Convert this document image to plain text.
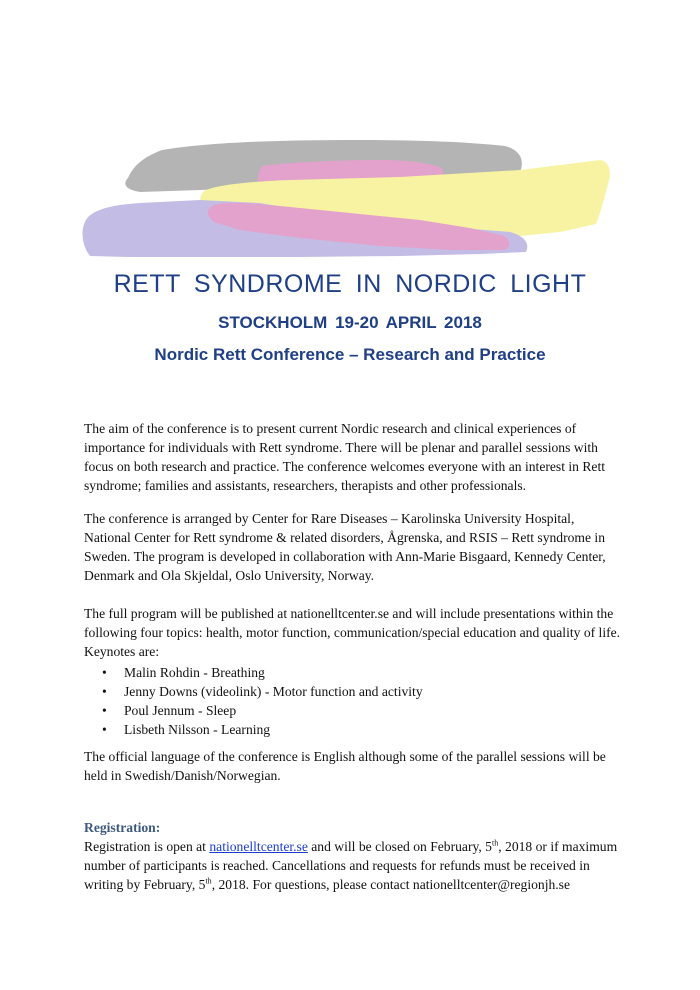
RETT SYNDROME IN NORDIC LIGHT
STOCKHOLM 19-20 APRIL 2018
Nordic Rett Conference – Research and Practice

The aim of the conference is to present current Nordic research and clinical experiences of importance for individuals with Rett syndrome. There will be plenar and parallel sessions with focus on both research and practice. The conference welcomes everyone with an interest in Rett syndrome; families and assistants, researchers, therapists and other professionals.

The conference is arranged by Center for Rare Diseases – Karolinska University Hospital, National Center for Rett syndrome & related disorders, Ågrenska, and RSIS – Rett syndrome in Sweden. The program is developed in collaboration with Ann-Marie Bisgaard, Kennedy Center, Denmark and Ola Skjeldal, Oslo University, Norway.

The full program will be published at nationelltcenter.se and will include presentations within the following four topics: health, motor function, communication/special education and quality of life. Keynotes are:

• Malin Rohdin - Breathing
• Jenny Downs (videolink) - Motor function and activity
• Poul Jennum - Sleep
• Lisbeth Nilsson - Learning

The official language of the conference is English although some of the parallel sessions will be held in Swedish/Danish/Norwegian.

Registration:

Registration is open at nationelltcenter.se and will be closed on February, 5th, 2018 or if maximum number of participants is reached. Cancellations and requests for refunds must be received in writing by February, 5th, 2018. For questions, please contact nationelltcenter@regionjh.se
